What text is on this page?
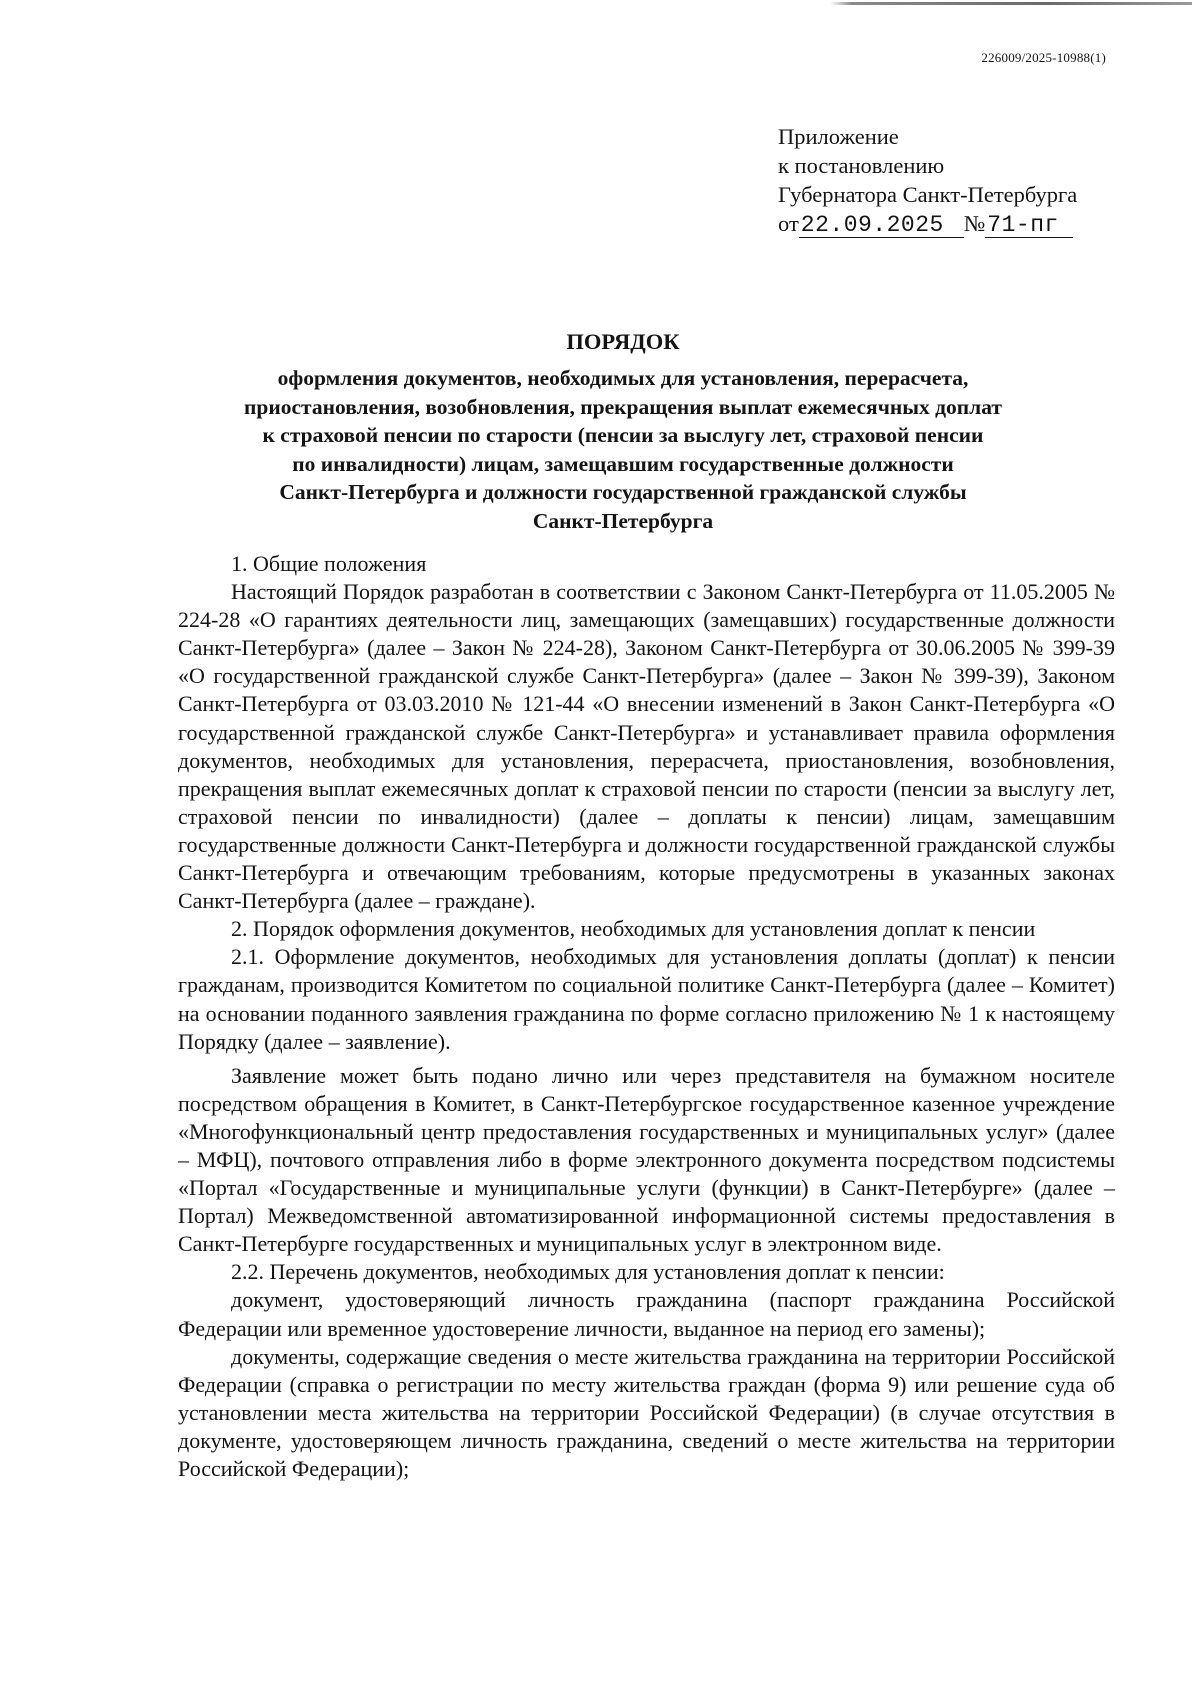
226009/2025-10988(1)
Приложение
к постановлению
Губернатора Санкт-Петербурга
от22.09.2025 №71-пг
ПОРЯДОК
оформления документов, необходимых для установления, перерасчета,
приостановления, возобновления, прекращения выплат ежемесячных доплат
к страховой пенсии по старости (пенсии за выслугу лет, страховой пенсии
по инвалидности) лицам, замещавшим государственные должности
Санкт-Петербурга и должности государственной гражданской службы
Санкт-Петербурга

1. Общие положения

Настоящий Порядок разработан в соответствии с Законом Санкт-Петербурга от 11.05.2005 № 224-28 «О гарантиях деятельности лиц, замещающих (замещавших) государственные должности Санкт-Петербурга» (далее – Закон № 224-28), Законом Санкт-Петербурга от 30.06.2005 № 399-39 «О государственной гражданской службе Санкт-Петербурга» (далее – Закон № 399-39), Законом Санкт-Петербурга от 03.03.2010 № 121-44 «О внесении изменений в Закон Санкт-Петербурга «О государственной гражданской службе Санкт-Петербурга» и устанавливает правила оформления документов, необходимых для установления, перерасчета, приостановления, возобновления, прекращения выплат ежемесячных доплат к страховой пенсии по старости (пенсии за выслугу лет, страховой пенсии по инвалидности) (далее – доплаты к пенсии) лицам, замещавшим государственные должности Санкт-Петербурга и должности государственной гражданской службы Санкт-Петербурга и отвечающим требованиям, которые предусмотрены в указанных законах Санкт-Петербурга (далее – граждане).

2. Порядок оформления документов, необходимых для установления доплат к пенсии

2.1. Оформление документов, необходимых для установления доплаты (доплат) к пенсии гражданам, производится Комитетом по социальной политике Санкт-Петербурга (далее – Комитет) на основании поданного заявления гражданина по форме согласно приложению № 1 к настоящему Порядку (далее – заявление).

Заявление может быть подано лично или через представителя на бумажном носителе посредством обращения в Комитет, в Санкт-Петербургское государственное казенное учреждение «Многофункциональный центр предоставления государственных и муниципальных услуг» (далее – МФЦ), почтового отправления либо в форме электронного документа посредством подсистемы «Портал «Государственные и муниципальные услуги (функции) в Санкт-Петербурге» (далее – Портал) Межведомственной автоматизированной информационной системы предоставления в Санкт-Петербурге государственных и муниципальных услуг в электронном виде.

2.2. Перечень документов, необходимых для установления доплат к пенсии:

документ, удостоверяющий личность гражданина (паспорт гражданина Российской Федерации или временное удостоверение личности, выданное на период его замены);

документы, содержащие сведения о месте жительства гражданина на территории Российской Федерации (справка о регистрации по месту жительства граждан (форма 9) или решение суда об установлении места жительства на территории Российской Федерации) (в случае отсутствия в документе, удостоверяющем личность гражданина, сведений о месте жительства на территории Российской Федерации);
